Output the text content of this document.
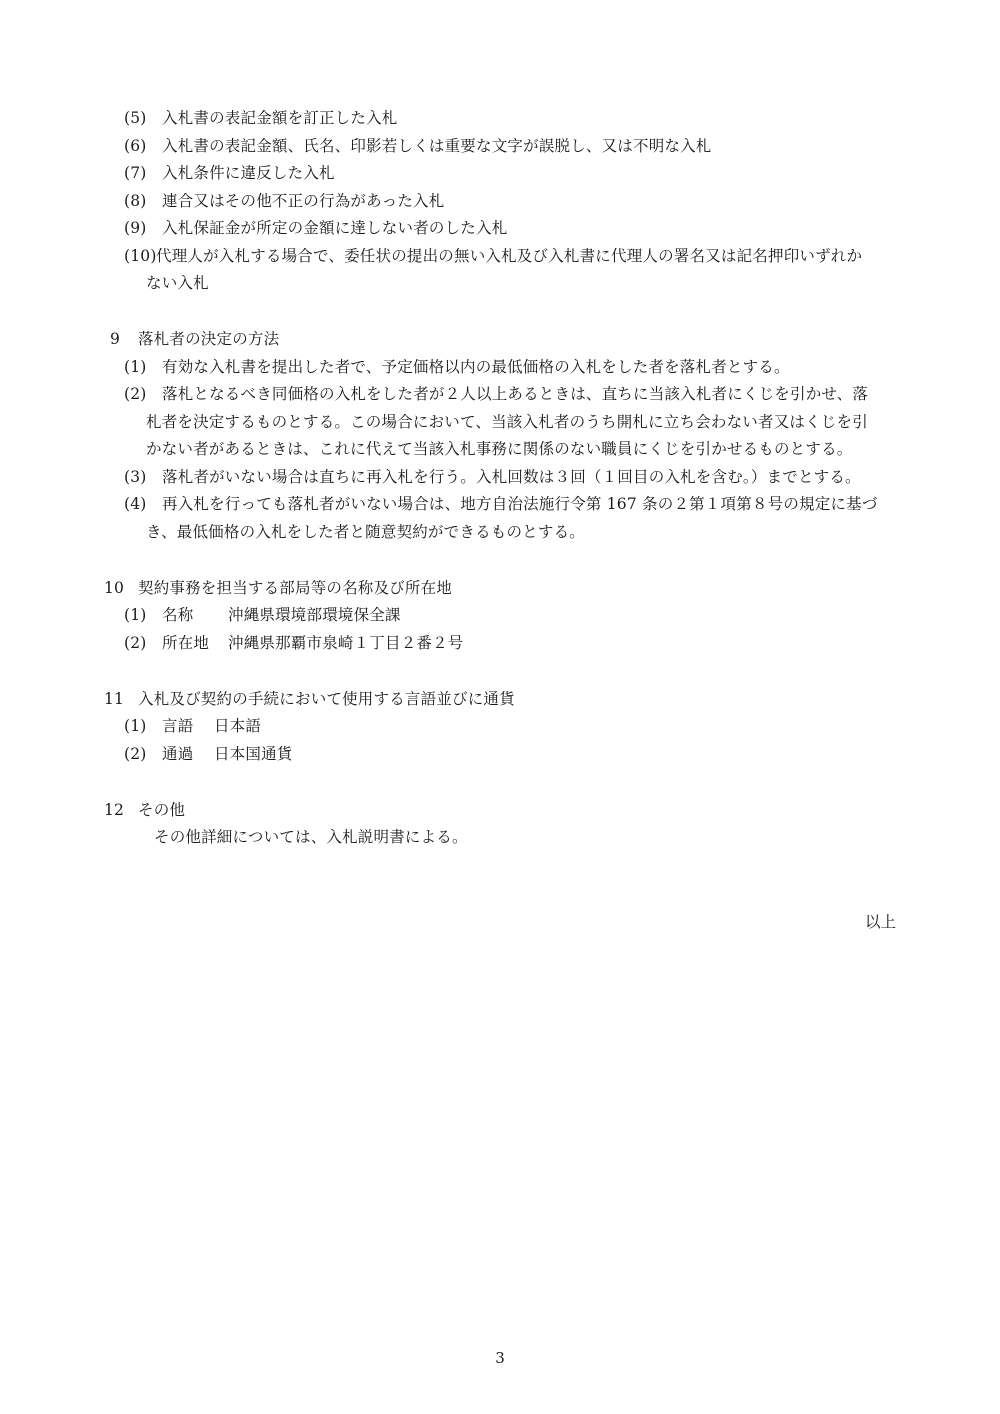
(5) 入札書の表記金額を訂正した入札
(6) 入札書の表記金額、氏名、印影若しくは重要な文字が誤脱し、又は不明な入札
(7) 入札条件に違反した入札
(8) 連合又はその他不正の行為があった入札
(9) 入札保証金が所定の金額に達しない者のした入札
(10)代理人が入札する場合で、委任状の提出の無い入札及び入札書に代理人の署名又は記名押印いずれか
ない入札
9 落札者の決定の方法
(1) 有効な入札書を提出した者で、予定価格以内の最低価格の入札をした者を落札者とする。
(2) 落札となるべき同価格の入札をした者が２人以上あるときは、直ちに当該入札者にくじを引かせ、落
札者を決定するものとする。この場合において、当該入札者のうち開札に立ち会わない者又はくじを引
かない者があるときは、これに代えて当該入札事務に関係のない職員にくじを引かせるものとする。
(3) 落札者がいない場合は直ちに再入札を行う。入札回数は３回（１回目の入札を含む。）までとする。
(4) 再入札を行っても落札者がいない場合は、地方自治法施行令第 167 条の２第１項第８号の規定に基づ
き、最低価格の入札をした者と随意契約ができるものとする。
10 契約事務を担当する部局等の名称及び所在地
(1) 名称 沖縄県環境部環境保全課
(2) 所在地 沖縄県那覇市泉崎１丁目２番２号
11 入札及び契約の手続において使用する言語並びに通貨
(1) 言語 日本語
(2) 通過 日本国通貨
12 その他
その他詳細については、入札説明書による。
以上
3
